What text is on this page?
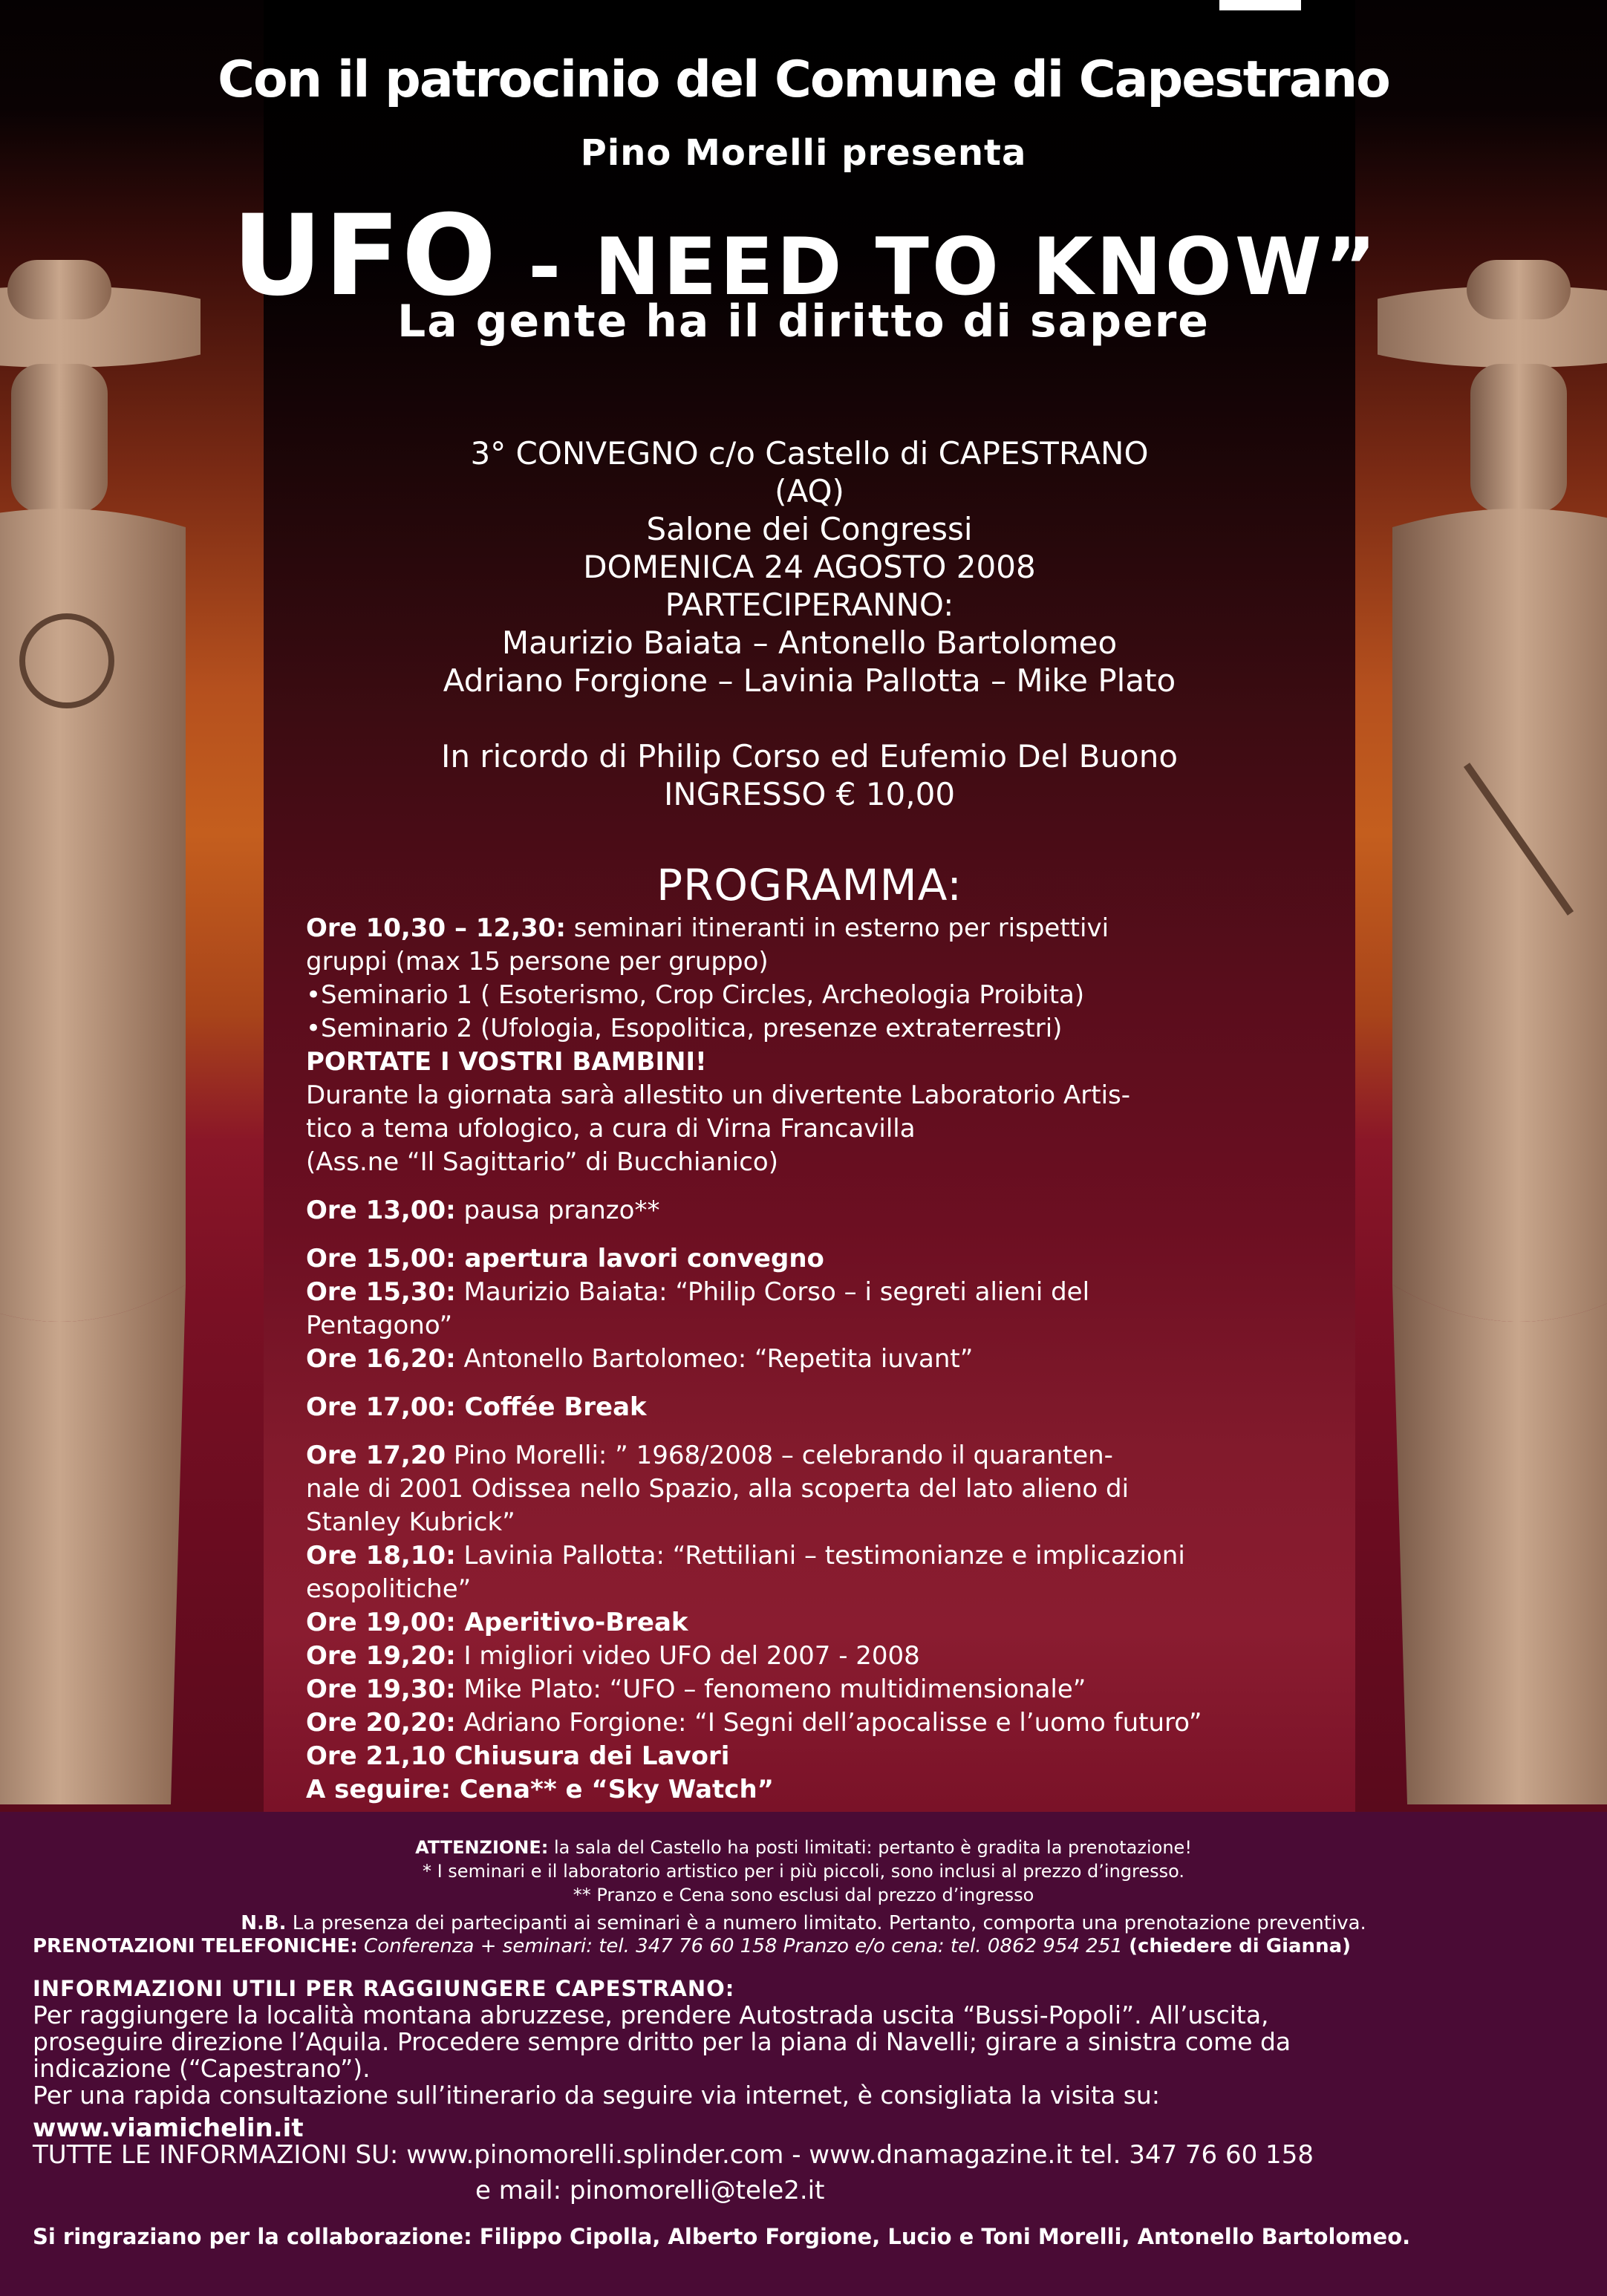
Con il patrocinio del Comune di Capestrano
Pino Morelli presenta
UFO - NEED TO KNOW”
La gente ha il diritto di sapere
3° CONVEGNO c/o Castello di CAPESTRANO
(AQ)
Salone dei Congressi
DOMENICA 24 AGOSTO 2008
PARTECIPERANNO:
Maurizio Baiata – Antonello Bartolomeo
Adriano Forgione – Lavinia Pallotta – Mike Plato
In ricordo di Philip Corso ed Eufemio Del Buono
INGRESSO € 10,00
PROGRAMMA:
Ore 10,30 – 12,30: seminari itineranti in esterno per rispettivi
gruppi (max 15 persone per gruppo)
•Seminario 1 ( Esoterismo, Crop Circles, Archeologia Proibita)
•Seminario 2 (Ufologia, Esopolitica, presenze extraterrestri)
PORTATE I VOSTRI BAMBINI!
Durante la giornata sarà allestito un divertente Laboratorio Artis-
tico a tema ufologico, a cura di Virna Francavilla
(Ass.ne “Il Sagittario” di Bucchianico)
Ore 13,00: pausa pranzo**
Ore 15,00: apertura lavori convegno
Ore 15,30: Maurizio Baiata: “Philip Corso – i segreti alieni del
Pentagono”
Ore 16,20: Antonello Bartolomeo: “Repetita iuvant”
Ore 17,00: Coffée Break
Ore 17,20 Pino Morelli: ” 1968/2008 – celebrando il quaranten-
nale di 2001 Odissea nello Spazio, alla scoperta del lato alieno di
Stanley Kubrick”
Ore 18,10: Lavinia Pallotta: “Rettiliani – testimonianze e implicazioni
esopolitiche”
Ore 19,00: Aperitivo-Break
Ore 19,20: I migliori video UFO del 2007 - 2008
Ore 19,30: Mike Plato: “UFO – fenomeno multidimensionale”
Ore 20,20: Adriano Forgione: “I Segni dell’apocalisse e l’uomo futuro”
Ore 21,10 Chiusura dei Lavori
A seguire: Cena** e “Sky Watch”
ATTENZIONE: la sala del Castello ha posti limitati: pertanto è gradita la prenotazione!
* I seminari e il laboratorio artistico per i più piccoli, sono inclusi al prezzo d’ingresso.
** Pranzo e Cena sono esclusi dal prezzo d’ingresso
N.B. La presenza dei partecipanti ai seminari è a numero limitato. Pertanto, comporta una prenotazione preventiva.
PRENOTAZIONI TELEFONICHE: Conferenza + seminari: tel. 347 76 60 158 Pranzo e/o cena: tel. 0862 954 251 (chiedere di Gianna)
INFORMAZIONI UTILI PER RAGGIUNGERE CAPESTRANO:
Per raggiungere la località montana abruzzese, prendere Autostrada uscita “Bussi-Popoli”. All’uscita,
proseguire direzione l’Aquila. Procedere sempre dritto per la piana di Navelli; girare a sinistra come da
indicazione (“Capestrano”).
Per una rapida consultazione sull’itinerario da seguire via internet, è consigliata la visita su:
www.viamichelin.it
TUTTE LE INFORMAZIONI SU: www.pinomorelli.splinder.com - www.dnamagazine.it tel. 347 76 60 158
e mail: pinomorelli@tele2.it
Si ringraziano per la collaborazione: Filippo Cipolla, Alberto Forgione, Lucio e Toni Morelli, Antonello Bartolomeo.
